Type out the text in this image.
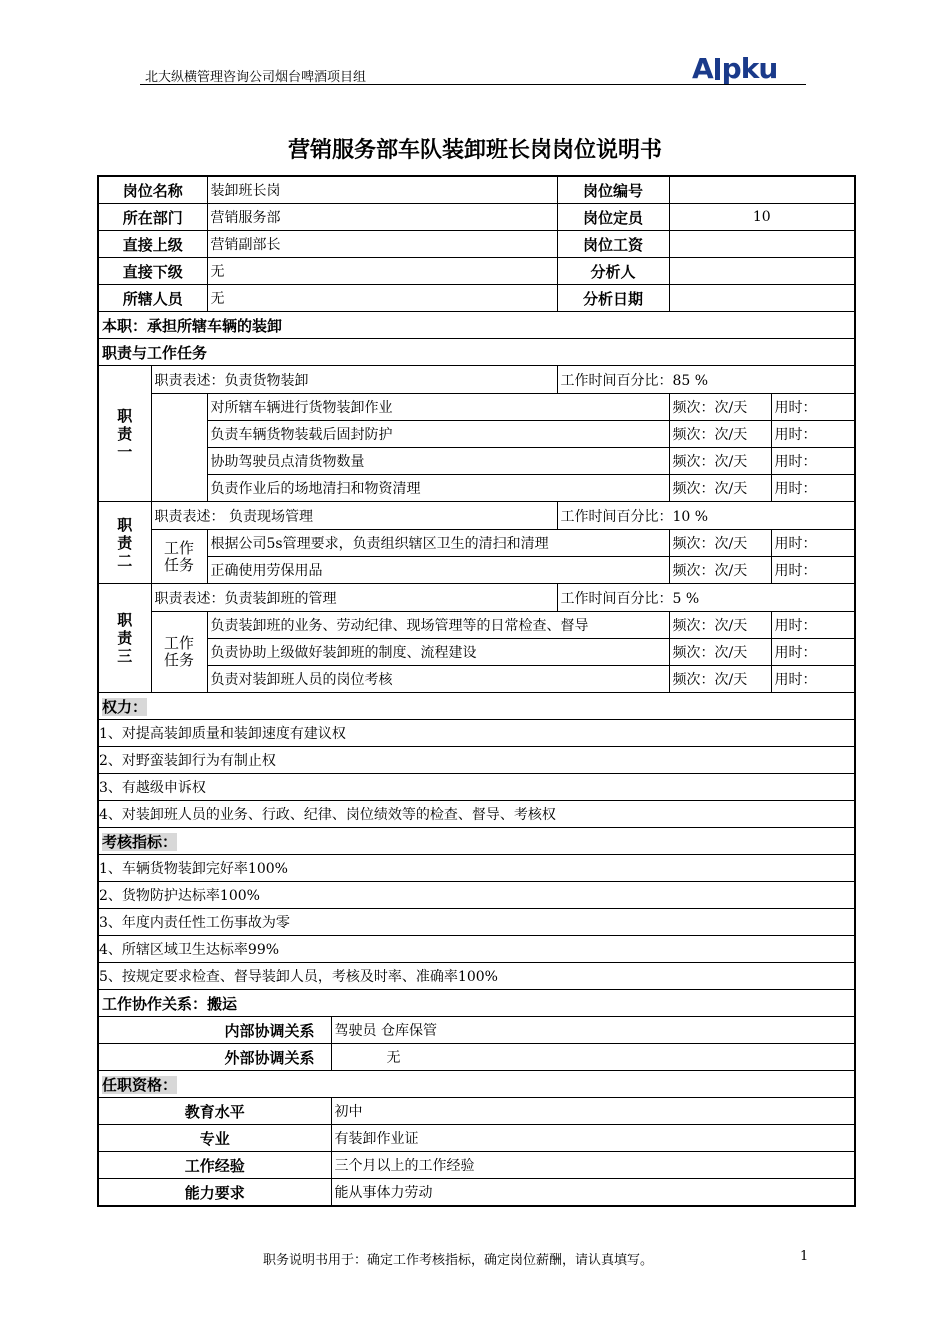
北大纵横管理咨询公司烟台啤酒项目组	A pku
营销服务部车队装卸班长岗岗位说明书
岗位名称		装卸班长岗		岗位编号		
所在部门		营销服务部		岗位定员	10	
直接上级		营销副部长		岗位工资		
直接下级		无		分析人		
所辖人员		无		分析日期		
本职：承担所辖车辆的装卸						
职责与工作任务						
职责一	职责表述：负责货物装卸			工作时间百分比：85 %		
		对所辖车辆进行货物装卸作业			频次：次/天	用时：
		负责车辆货物装载后固封防护			频次：次/天	用时：
		协助驾驶员点清货物数量			频次：次/天	用时：
		负责作业后的场地清扫和物资清理			频次：次/天	用时：
职责二	职责表述： 负责现场管理			工作时间百分比：10 %		
	工作任务	根据公司5s管理要求，负责组织辖区卫生的清扫和清理			频次：次/天	用时：
		正确使用劳保用品			频次：次/天	用时：
职责三	职责表述：负责装卸班的管理			工作时间百分比：5 %		
	工作任务	负责装卸班的业务、劳动纪律、现场管理等的日常检查、督导			频次：次/天	用时：
		负责协助上级做好装卸班的制度、流程建设			频次：次/天	用时：
		负责对装卸班人员的岗位考核			频次：次/天	用时：
权力：						
1、对提高装卸质量和装卸速度有建议权						
2、对野蛮装卸行为有制止权						
3、有越级申诉权						
4、对装卸班人员的业务、行政、纪律、岗位绩效等的检查、督导、考核权						
考核指标：						
1、车辆货物装卸完好率100%						
2、货物防护达标率100%						
3、年度内责任性工伤事故为零						
4、所辖区域卫生达标率99%						
5、按规定要求检查、督导装卸人员，考核及时率、准确率100%						
工作协作关系：搬运						
内部协调关系			驾驶员 仓库保管			
外部协调关系			无			
任职资格：						
教育水平			初中			
专业			有装卸作业证			
工作经验			三个月以上的工作经验			
能力要求			能从事体力劳动			
职务说明书用于：确定工作考核指标，确定岗位薪酬，请认真填写。	1
